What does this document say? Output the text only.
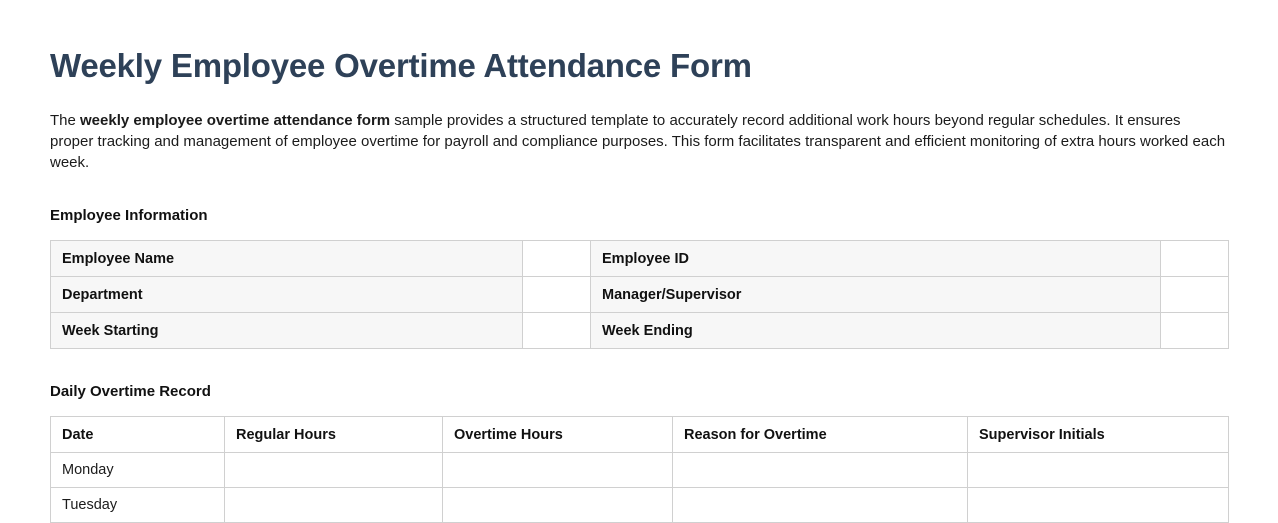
Weekly Employee Overtime Attendance Form

The weekly employee overtime attendance form sample provides a structured template to accurately record additional work hours beyond regular schedules. It ensures proper tracking and management of employee overtime for payroll and compliance purposes. This form facilitates transparent and efficient monitoring of extra hours worked each week.

Employee Information
Employee Name		Employee ID	
Department		Manager/Supervisor	
Week Starting		Week Ending	
Daily Overtime Record
Date	Regular Hours	Overtime Hours	Reason for Overtime	Supervisor Initials
Monday				
Tuesday				
